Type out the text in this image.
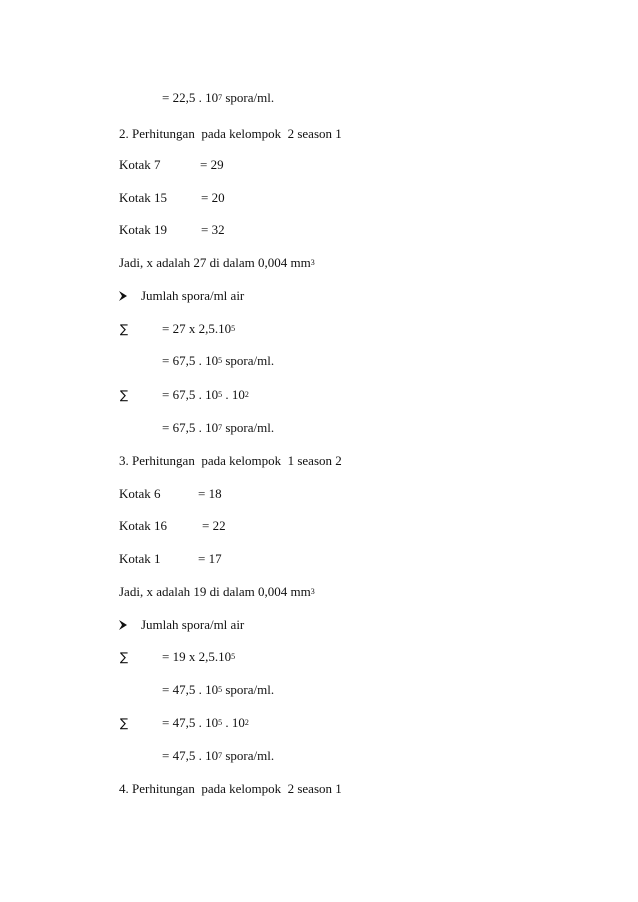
= 22,5 . $10^7$ spora/ml.
2. Perhitungan  pada kelompok  2 season 1
Kotak 7	= 29
Kotak 15	= 20
Kotak 19	= 32
Jadi, x adalah 27 di dalam 0,004 $mm^3$
Jumlah spora/ml air
∑	= 27 x $2,5.10^5$
= 67,5 . $10^5$ spora/ml.
∑	= 67,5 . $10^5$ . $10^2$
= 67,5 . $10^7$ spora/ml.
3. Perhitungan  pada kelompok  1 season 2
Kotak 6	= 18
Kotak 16	= 22
Kotak 1	= 17
Jadi, x adalah 19 di dalam 0,004 $mm^3$
Jumlah spora/ml air
∑	= 19 x $2,5.10^5$
= 47,5 . $10^5$ spora/ml.
∑	= 47,5 . $10^5$ . $10^2$
= 47,5 . $10^7$ spora/ml.
4. Perhitungan  pada kelompok  2 season 1
